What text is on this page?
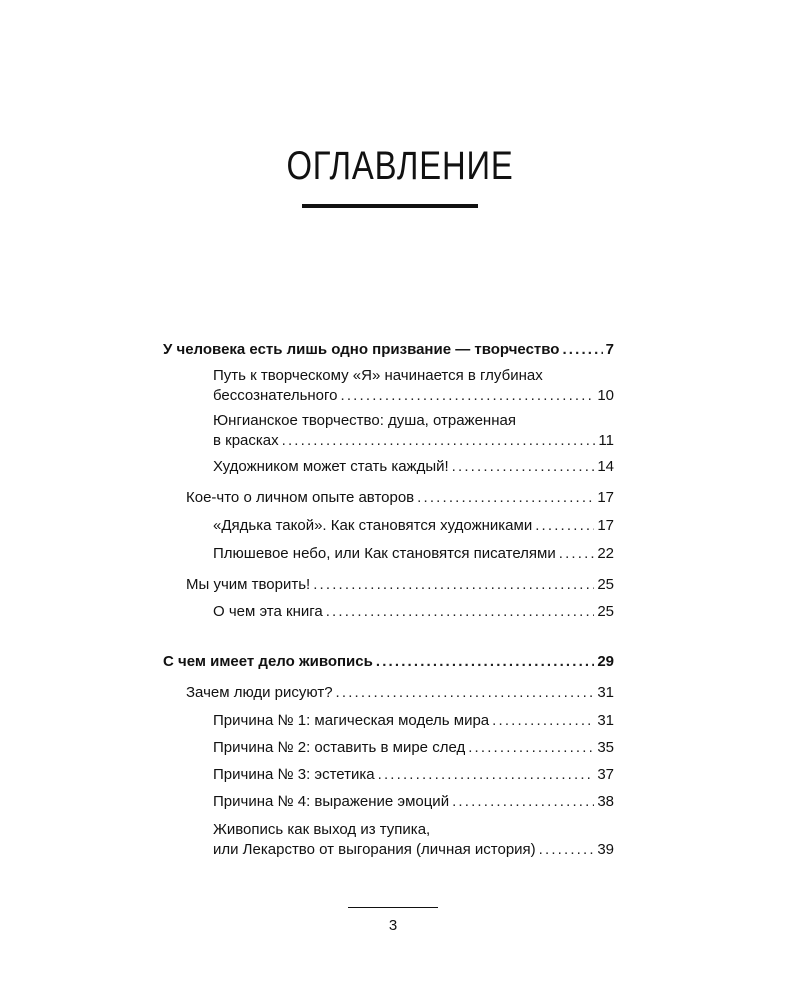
ОГЛАВЛЕНИЕ
У человека есть лишь одно призвание — творчество . . .	7
Путь к творческому «Я» начинается в глубинах
бессознательного . . .	10
Юнгианское творчество: душа, отраженная
в красках . . .	11
Художником может стать каждый! . . .	14
Кое-что о личном опыте авторов . . .	17
«Дядька такой». Как становятся художниками . . .	17
Плюшевое небо, или Как становятся писателями . . .	22
Мы учим творить! . . .	25
О чем эта книга . . .	25
С чем имеет дело живопись . . .	29
Зачем люди рисуют? . . .	31
Причина № 1: магическая модель мира . . .	31
Причина № 2: оставить в мире след . . .	35
Причина № 3: эстетика . . .	37
Причина № 4: выражение эмоций . . .	38
Живопись как выход из тупика,
или Лекарство от выгорания (личная история) . . .	39
3
